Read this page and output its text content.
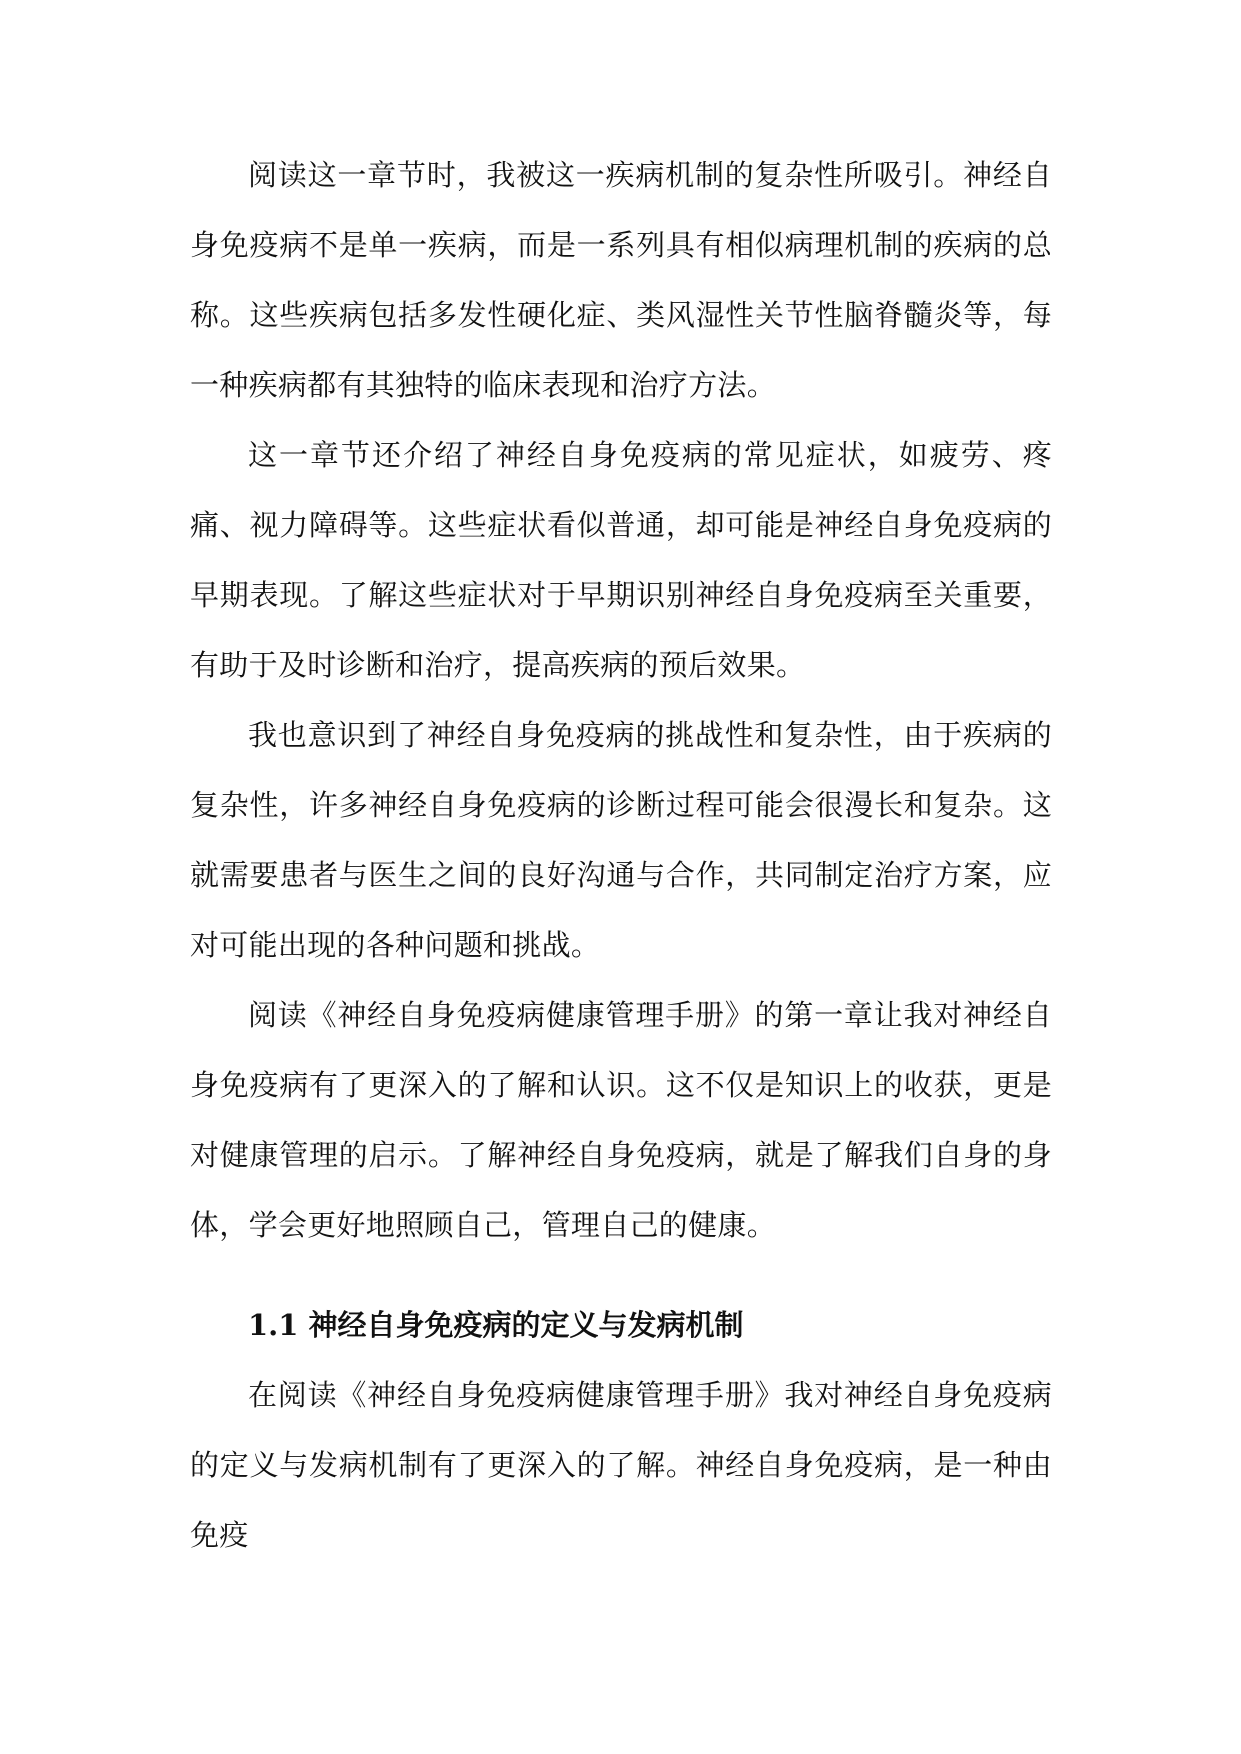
阅读这一章节时，我被这一疾病机制的复杂性所吸引。神经自身免疫病不是单一疾病，而是一系列具有相似病理机制的疾病的总称。这些疾病包括多发性硬化症、类风湿性关节性脑脊髓炎等，每一种疾病都有其独特的临床表现和治疗方法。

这一章节还介绍了神经自身免疫病的常见症状，如疲劳、疼痛、视力障碍等。这些症状看似普通，却可能是神经自身免疫病的早期表现。了解这些症状对于早期识别神经自身免疫病至关重要，有助于及时诊断和治疗，提高疾病的预后效果。

我也意识到了神经自身免疫病的挑战性和复杂性，由于疾病的复杂性，许多神经自身免疫病的诊断过程可能会很漫长和复杂。这就需要患者与医生之间的良好沟通与合作，共同制定治疗方案，应对可能出现的各种问题和挑战。

阅读《神经自身免疫病健康管理手册》的第一章让我对神经自身免疫病有了更深入的了解和认识。这不仅是知识上的收获，更是对健康管理的启示。了解神经自身免疫病，就是了解我们自身的身体，学会更好地照顾自己，管理自己的健康。

1.1 神经自身免疫病的定义与发病机制

在阅读《神经自身免疫病健康管理手册》我对神经自身免疫病的定义与发病机制有了更深入的了解。神经自身免疫病，是一种由免疫
